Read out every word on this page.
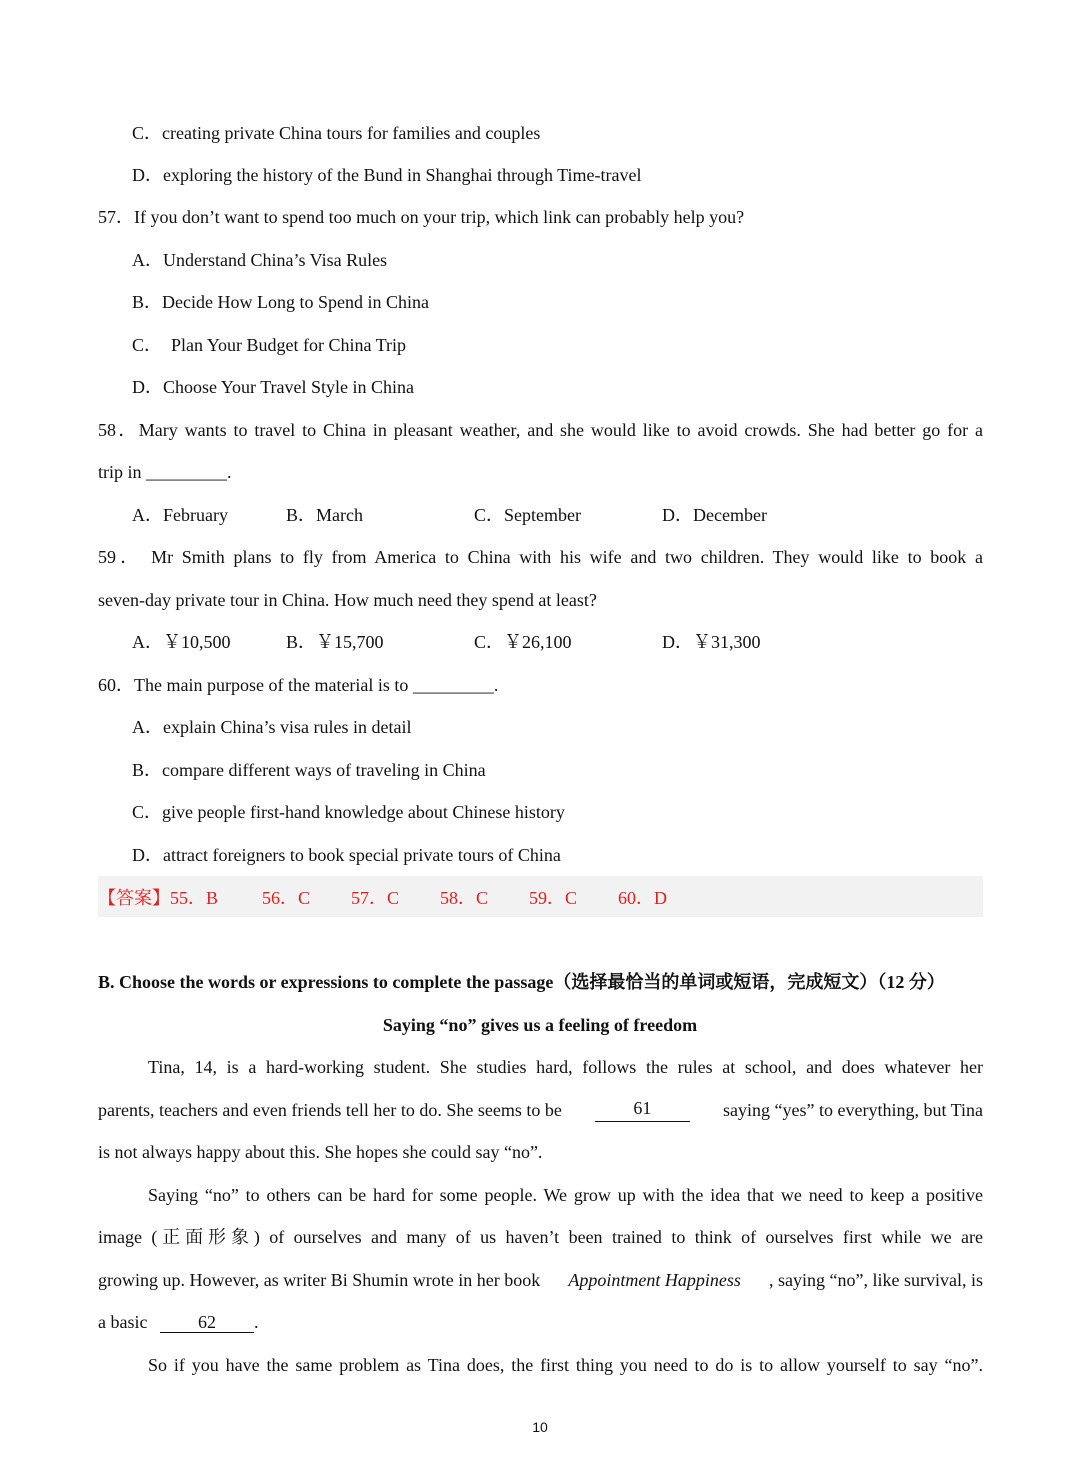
C．creating private China tours for families and couples
D．exploring the history of the Bund in Shanghai through Time-travel
57．If you don’t want to spend too much on your trip, which link can probably help you?
A．Understand China’s Visa Rules
B．Decide How Long to Spend in China
C．  Plan Your Budget for China Trip
D．Choose Your Travel Style in China
58．Mary wants to travel to China in pleasant weather, and she would like to avoid crowds. She had better go for a
trip in _________.
A．February	B．March	C．September	D．December
59． Mr Smith plans to fly from America to China with his wife and two children. They would like to book a
seven-day private tour in China. How much need they spend at least?
A．￥10,500	B．￥15,700	C．￥26,100	D．￥31,300
60．The main purpose of the material is to _________.
A．explain China’s visa rules in detail
B．compare different ways of traveling in China
C．give people first-hand knowledge about Chinese history
D．attract foreigners to book special private tours of China
【答案】55．B 56．C 57．C 58．C 59．C 60．D
B. Choose the words or expressions to complete the passage（选择最恰当的单词或短语，完成短文）（12 分）
Saying “no” gives us a feeling of freedom
Tina, 14, is a hard-working student. She studies hard, follows the rules at school, and does whatever her
parents, teachers and even friends tell her to do. She seems to be	61	saying “yes” to everything, but Tina
is not always happy about this. She hopes she could say “no”.
Saying “no” to others can be hard for some people. We grow up with the idea that we need to keep a positive
image (正面形象) of ourselves and many of us haven’t been trained to think of ourselves first while we are
growing up. However, as writer Bi Shumin wrote in her book Appointment Happiness , saying “no”, like survival, is
a basic	62 .
So if you have the same problem as Tina does, the first thing you need to do is to allow yourself to say “no”.
10
